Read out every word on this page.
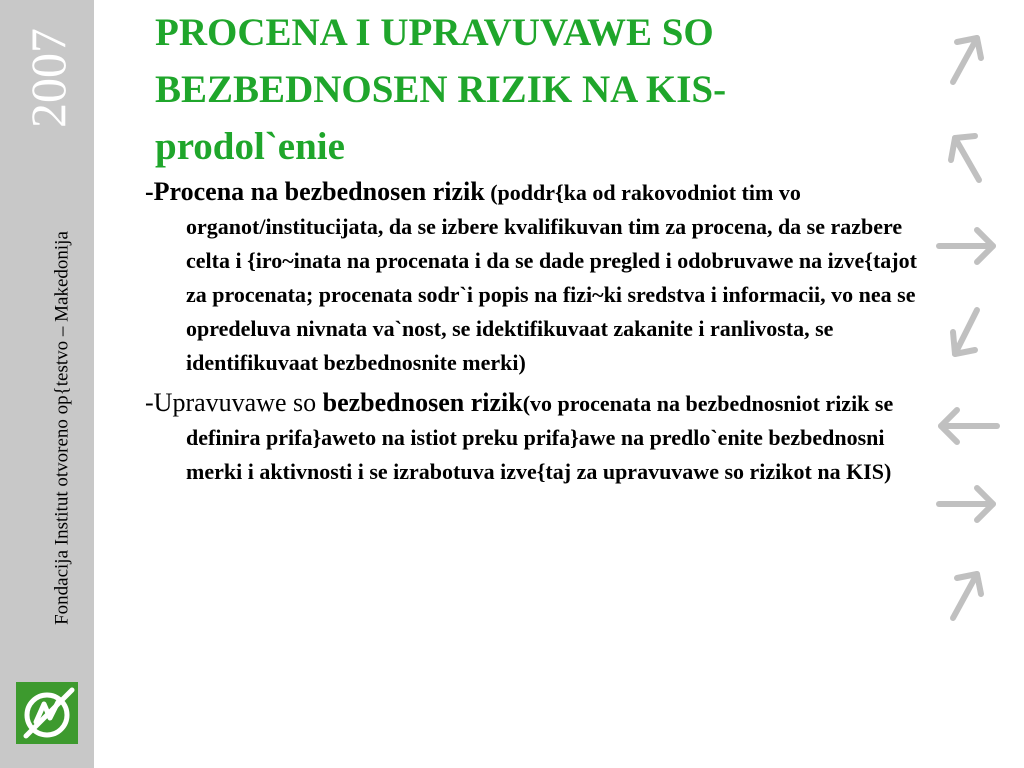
2007
Fondacija Institut otvoreno op{testvo – Makedonija
PROCENA I UPRAVUVAWE SO
BEZBEDNOSEN RIZIK NA KIS-
prodol`enie

-Procena na bezbednosen rizik (poddr{ka od rakovodniot tim vo organot/institucijata, da se izbere kvalifikuvan tim za procena, da se razbere celta i {iro~inata na procenata i da se dade pregled i odobruvawe na izve{tajot za procenata; procenata sodr`i popis na fizi~ki sredstva i informacii, vo nea se opredeluva nivnata va`nost, se idektifikuvaat zakanite i ranlivosta, se identifikuvaat bezbednosnite merki)

-Upravuvawe so bezbednosen rizik(vo procenata na bezbednosniot rizik se definira prifa}aweto na istiot preku prifa}awe na predlo`enite bezbednosni merki i aktivnosti i se izrabotuva izve{taj za upravuvawe so rizikot na KIS)
